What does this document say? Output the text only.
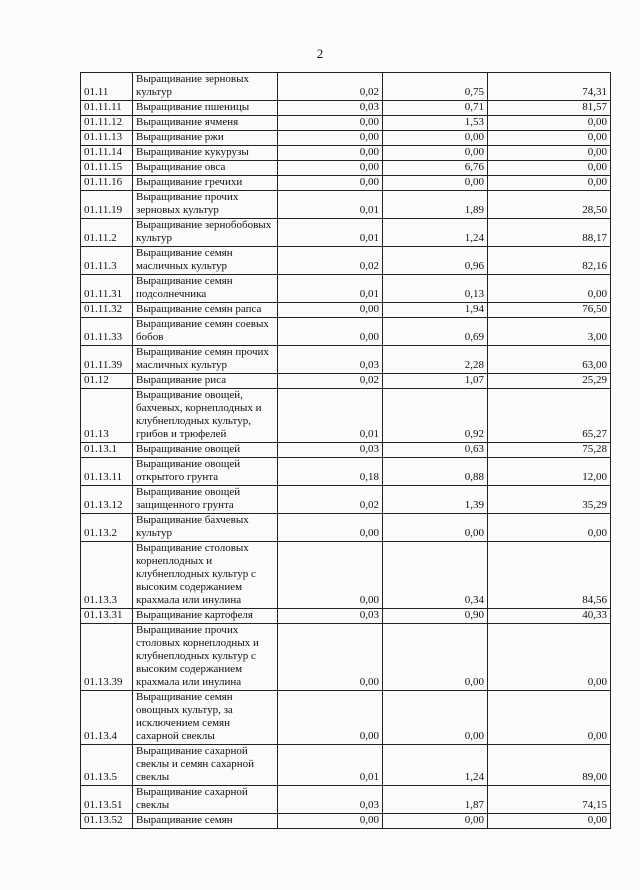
2
01.11	Выращивание зерновых культур	0,02	0,75	74,31
01.11.11	Выращивание пшеницы	0,03	0,71	81,57
01.11.12	Выращивание ячменя	0,00	1,53	0,00
01.11.13	Выращивание ржи	0,00	0,00	0,00
01.11.14	Выращивание кукурузы	0,00	0,00	0,00
01.11.15	Выращивание овса	0,00	6,76	0,00
01.11.16	Выращивание гречихи	0,00	0,00	0,00
01.11.19	Выращивание прочих зерновых культур	0,01	1,89	28,50
01.11.2	Выращивание зернобобовых культур	0,01	1,24	88,17
01.11.3	Выращивание семян масличных культур	0,02	0,96	82,16
01.11.31	Выращивание семян подсолнечника	0,01	0,13	0,00
01.11.32	Выращивание семян рапса	0,00	1,94	76,50
01.11.33	Выращивание семян соевых бобов	0,00	0,69	3,00
01.11.39	Выращивание семян прочих масличных культур	0,03	2,28	63,00
01.12	Выращивание риса	0,02	1,07	25,29
01.13	Выращивание овощей, бахчевых, корнеплодных и клубнеплодных культур, грибов и трюфелей	0,01	0,92	65,27
01.13.1	Выращивание овощей	0,03	0,63	75,28
01.13.11	Выращивание овощей открытого грунта	0,18	0,88	12,00
01.13.12	Выращивание овощей защищенного грунта	0,02	1,39	35,29
01.13.2	Выращивание бахчевых культур	0,00	0,00	0,00
01.13.3	Выращивание столовых корнеплодных и клубнеплодных культур с высоким содержанием крахмала или инулина	0,00	0,34	84,56
01.13.31	Выращивание картофеля	0,03	0,90	40,33
01.13.39	Выращивание прочих столовых корнеплодных и клубнеплодных культур с высоким содержанием крахмала или инулина	0,00	0,00	0,00
01.13.4	Выращивание семян овощных культур, за исключением семян сахарной свеклы	0,00	0,00	0,00
01.13.5	Выращивание сахарной свеклы и семян сахарной свеклы	0,01	1,24	89,00
01.13.51	Выращивание сахарной свеклы	0,03	1,87	74,15
01.13.52	Выращивание семян	0,00	0,00	0,00
